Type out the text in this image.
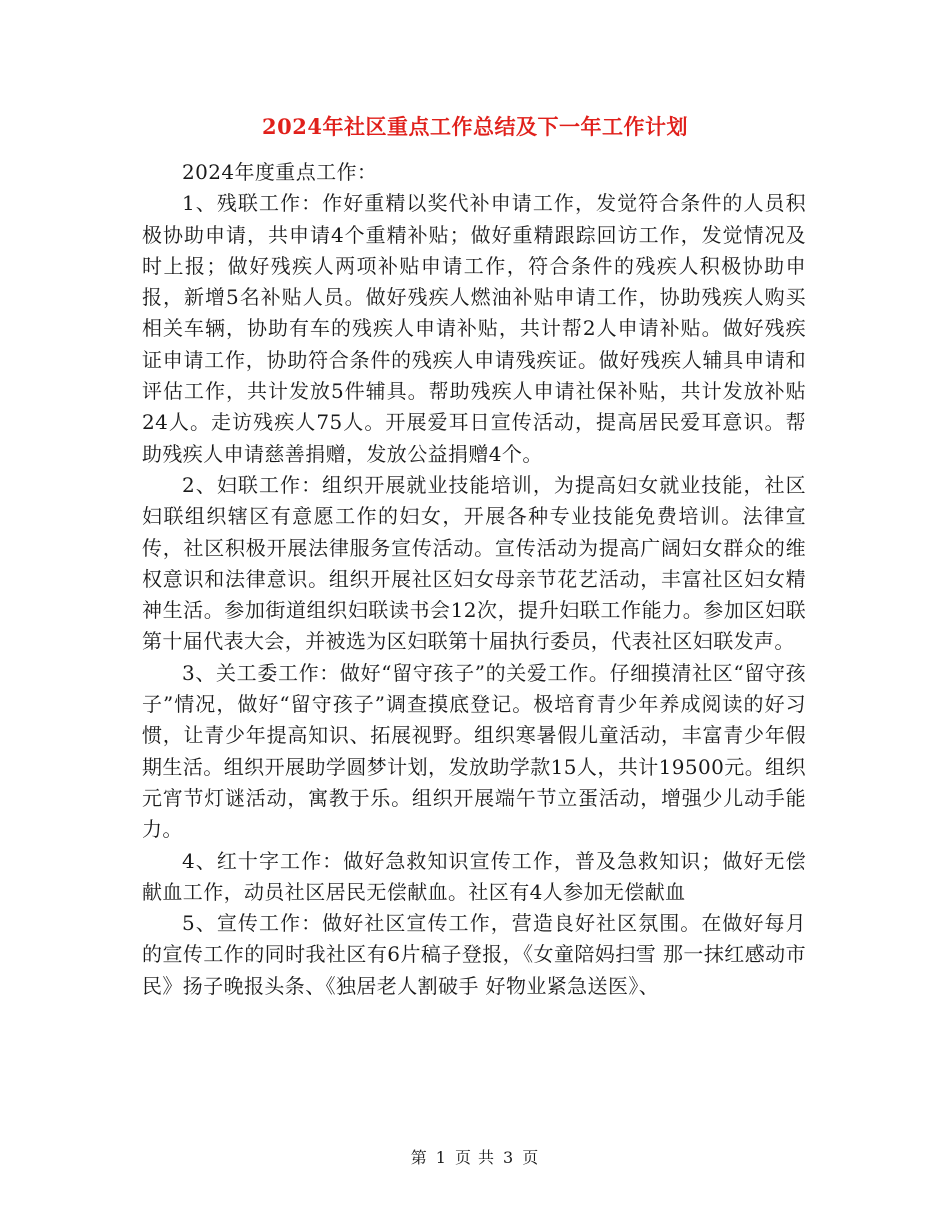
2024年社区重点工作总结及下一年工作计划

2024年度重点工作：

1、残联工作：作好重精以奖代补申请工作，发觉符合条件的人员积极协助申请，共申请4个重精补贴；做好重精跟踪回访工作，发觉情况及时上报；做好残疾人两项补贴申请工作，符合条件的残疾人积极协助申报，新增5名补贴人员。做好残疾人燃油补贴申请工作，协助残疾人购买相关车辆，协助有车的残疾人申请补贴，共计帮2人申请补贴。做好残疾证申请工作，协助符合条件的残疾人申请残疾证。做好残疾人辅具申请和评估工作，共计发放5件辅具。帮助残疾人申请社保补贴，共计发放补贴24人。走访残疾人75人。开展爱耳日宣传活动，提高居民爱耳意识。帮助残疾人申请慈善捐赠，发放公益捐赠4个。

2、妇联工作：组织开展就业技能培训，为提高妇女就业技能，社区妇联组织辖区有意愿工作的妇女，开展各种专业技能免费培训。法律宣传，社区积极开展法律服务宣传活动。宣传活动为提高广阔妇女群众的维权意识和法律意识。组织开展社区妇女母亲节花艺活动，丰富社区妇女精神生活。参加街道组织妇联读书会12次，提升妇联工作能力。参加区妇联第十届代表大会，并被选为区妇联第十届执行委员，代表社区妇联发声。

3、关工委工作：做好“留守孩子”的关爱工作。仔细摸清社区“留守孩子”情况，做好“留守孩子”调查摸底登记。极培育青少年养成阅读的好习惯，让青少年提高知识、拓展视野。组织寒暑假儿童活动，丰富青少年假期生活。组织开展助学圆梦计划，发放助学款15人，共计19500元。组织元宵节灯谜活动，寓教于乐。组织开展端午节立蛋活动，增强少儿动手能力。

4、红十字工作：做好急救知识宣传工作，普及急救知识；做好无偿献血工作，动员社区居民无偿献血。社区有4人参加无偿献血

5、宣传工作：做好社区宣传工作，营造良好社区氛围。在做好每月的宣传工作的同时我社区有6片稿子登报，《女童陪妈扫雪 那一抹红感动市民》扬子晚报头条、《独居老人割破手 好物业紧急送医》、

第 1 页 共 3 页
